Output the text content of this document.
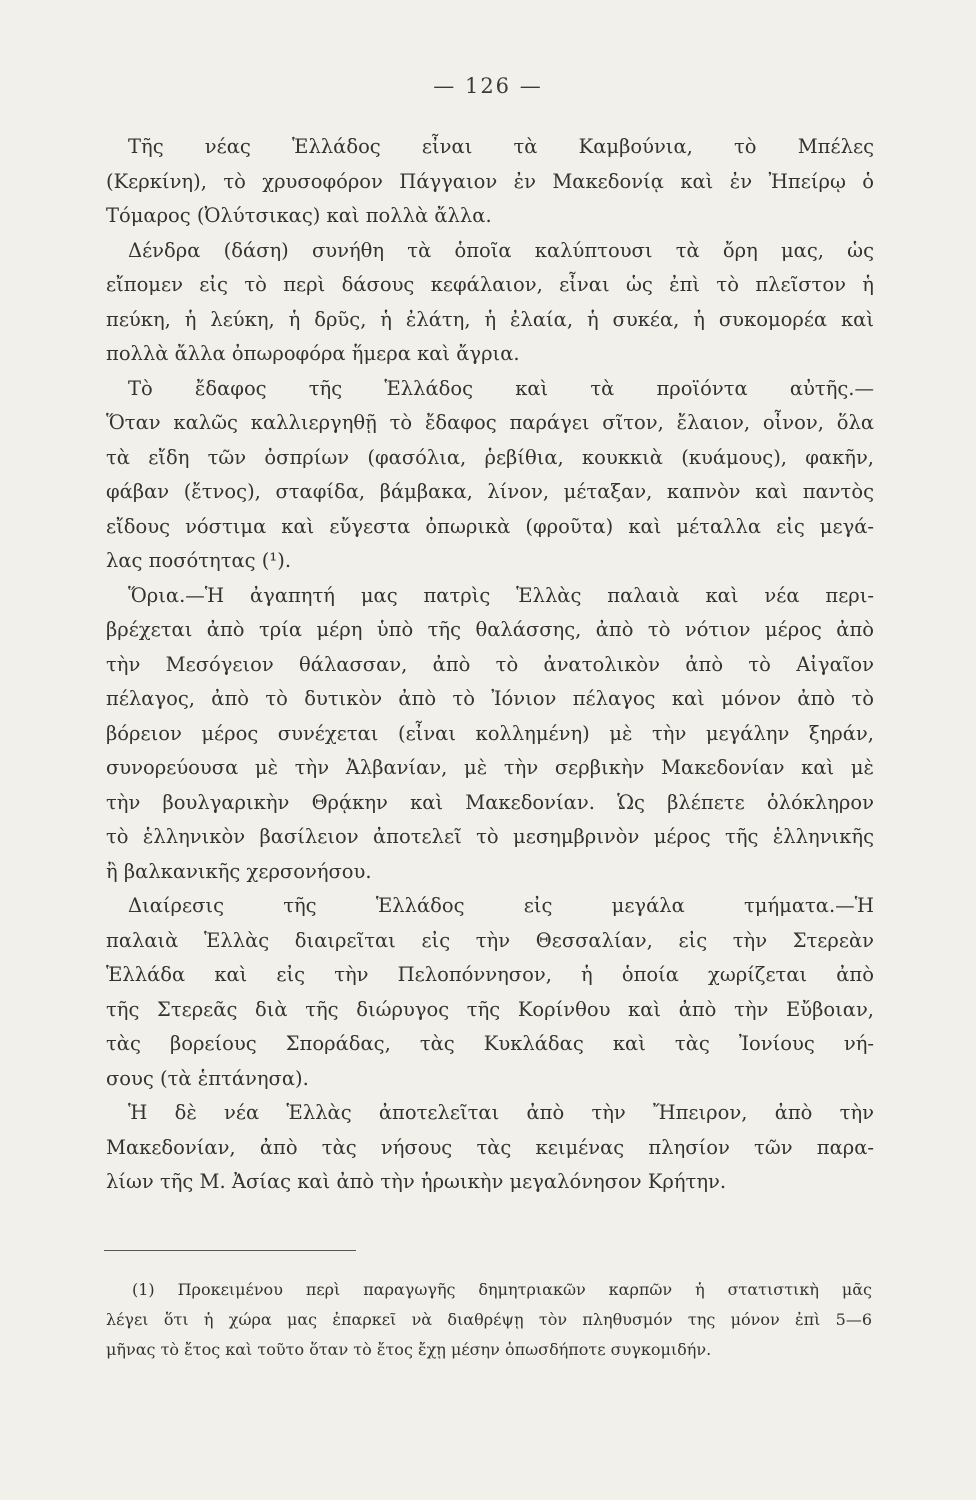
— 126 —
Τῆς νέας Ἑλλάδος εἶναι τὰ Καμβούνια, τὸ Μπέλες
(Κερκίνη), τὸ χρυσοφόρον Πάγγαιον ἐν Μακεδονίᾳ καὶ ἐν Ἠπείρῳ ὁ
Τόμαρος (Ὀλύτσικας) καὶ πολλὰ ἄλλα.
Δένδρα (δάση) συνήθη τὰ ὁποῖα καλύπτουσι τὰ ὄρη μας, ὡς
εἴπομεν εἰς τὸ περὶ δάσους κεφάλαιον, εἶναι ὡς ἐπὶ τὸ πλεῖστον ἡ
πεύκη, ἡ λεύκη, ἡ δρῦς, ἡ ἐλάτη, ἡ ἐλαία, ἡ συκέα, ἡ συκομορέα καὶ
πολλὰ ἄλλα ὀπωροφόρα ἥμερα καὶ ἄγρια.
Τὸ ἔδαφος τῆς Ἑλλάδος καὶ τὰ προϊόντα αὐτῆς.—
Ὅταν καλῶς καλλιεργηθῇ τὸ ἔδαφος παράγει σῖτον, ἔλαιον, οἶνον, ὅλα
τὰ εἴδη τῶν ὀσπρίων (φασόλια, ῥεβίθια, κουκκιὰ (κυάμους), φακῆν,
φάβαν (ἔτνος), σταφίδα, βάμβακα, λίνον, μέταξαν, καπνὸν καὶ παντὸς
εἴδους νόστιμα καὶ εὔγεστα ὀπωρικὰ (φροῦτα) καὶ μέταλλα εἰς μεγά-
λας ποσότητας (¹).
Ὅρια.—Ἡ ἀγαπητή μας πατρὶς Ἑλλὰς παλαιὰ καὶ νέα περι-
βρέχεται ἀπὸ τρία μέρη ὑπὸ τῆς θαλάσσης, ἀπὸ τὸ νότιον μέρος ἀπὸ
τὴν Μεσόγειον θάλασσαν, ἀπὸ τὸ ἀνατολικὸν ἀπὸ τὸ Αἰγαῖον
πέλαγος, ἀπὸ τὸ δυτικὸν ἀπὸ τὸ Ἰόνιον πέλαγος καὶ μόνον ἀπὸ τὸ
βόρειον μέρος συνέχεται (εἶναι κολλημένη) μὲ τὴν μεγάλην ξηράν,
συνορεύουσα μὲ τὴν Ἀλβανίαν, μὲ τὴν σερβικὴν Μακεδονίαν καὶ μὲ
τὴν βουλγαρικὴν Θρᾴκην καὶ Μακεδονίαν. Ὡς βλέπετε ὁλόκληρον
τὸ ἑλληνικὸν βασίλειον ἀποτελεῖ τὸ μεσημβρινὸν μέρος τῆς ἑλληνικῆς
ἢ βαλκανικῆς χερσονήσου.
Διαίρεσις τῆς Ἑλλάδος εἰς μεγάλα τμήματα.—Ἡ
παλαιὰ Ἑλλὰς διαιρεῖται εἰς τὴν Θεσσαλίαν, εἰς τὴν Στερεὰν
Ἑλλάδα καὶ εἰς τὴν Πελοπόννησον, ἡ ὁποία χωρίζεται ἀπὸ
τῆς Στερεᾶς διὰ τῆς διώρυγος τῆς Κορίνθου καὶ ἀπὸ τὴν Εὔβοιαν,
τὰς βορείους Σποράδας, τὰς Κυκλάδας καὶ τὰς Ἰονίους νή-
σους (τὰ ἑπτάνησα).
Ἡ δὲ νέα Ἑλλὰς ἀποτελεῖται ἀπὸ τὴν Ἤπειρον, ἀπὸ τὴν
Μακεδονίαν, ἀπὸ τὰς νήσους τὰς κειμένας πλησίον τῶν παρα-
λίων τῆς Μ. Ἀσίας καὶ ἀπὸ τὴν ἡρωικὴν μεγαλόνησον Κρήτην.
(1) Προκειμένου περὶ παραγωγῆς δημητριακῶν καρπῶν ἡ στατιστικὴ μᾶς
λέγει ὅτι ἡ χώρα μας ἐπαρκεῖ νὰ διαθρέψῃ τὸν πληθυσμόν της μόνον ἐπὶ 5—6
μῆνας τὸ ἔτος καὶ τοῦτο ὅταν τὸ ἔτος ἔχῃ μέσην ὁπωσδήποτε συγκομιδήν.
